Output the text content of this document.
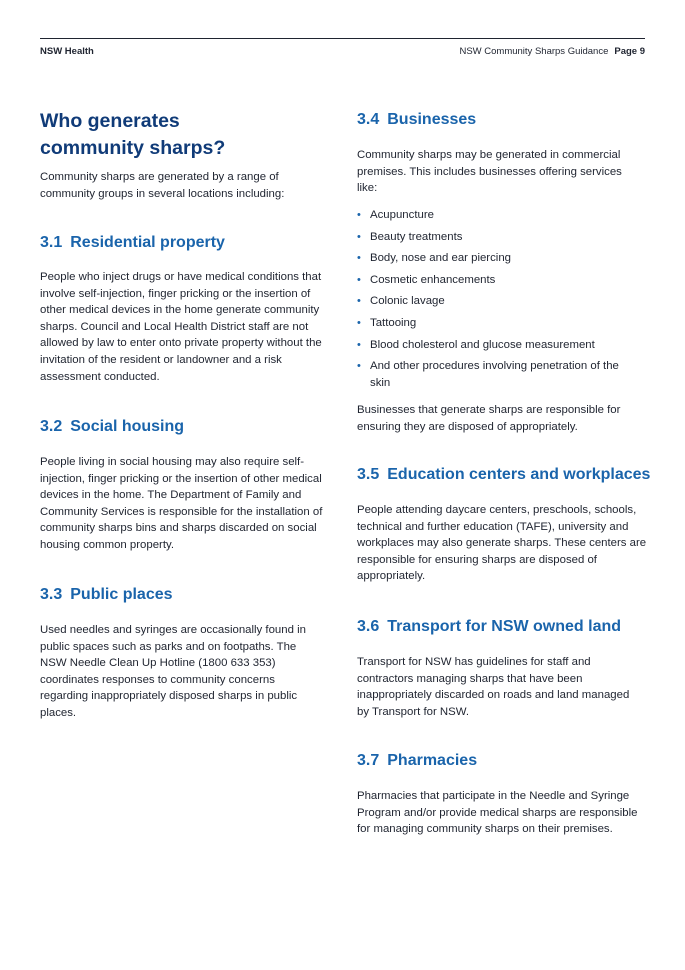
NSW Health	NSW Community Sharps Guidance Page 9
Who generates
community sharps?

Community sharps are generated by a range of community groups in several locations including:

3.1 Residential property

People who inject drugs or have medical conditions that involve self-injection, finger pricking or the insertion of other medical devices in the home generate community sharps. Council and Local Health District staff are not allowed by law to enter onto private property without the invitation of the resident or landowner and a risk assessment conducted.

3.2 Social housing

People living in social housing may also require self-injection, finger pricking or the insertion of other medical devices in the home. The Department of Family and Community Services is responsible for the installation of community sharps bins and sharps discarded on social housing common property.

3.3 Public places

Used needles and syringes are occasionally found in public spaces such as parks and on footpaths. The NSW Needle Clean Up Hotline (1800 633 353) coordinates responses to community concerns regarding inappropriately disposed sharps in public places.

3.4 Businesses

Community sharps may be generated in commercial premises. This includes businesses offering services like:

• Acupuncture
• Beauty treatments
• Body, nose and ear piercing
• Cosmetic enhancements
• Colonic lavage
• Tattooing
• Blood cholesterol and glucose measurement
• And other procedures involving penetration of the skin

Businesses that generate sharps are responsible for ensuring they are disposed of appropriately.

3.5 Education centers and workplaces

People attending daycare centers, preschools, schools, technical and further education (TAFE), university and workplaces may also generate sharps. These centers are responsible for ensuring sharps are disposed of appropriately.

3.6 Transport for NSW owned land

Transport for NSW has guidelines for staff and contractors managing sharps that have been inappropriately discarded on roads and land managed by Transport for NSW.

3.7 Pharmacies

Pharmacies that participate in the Needle and Syringe Program and/or provide medical sharps are responsible for managing community sharps on their premises.
